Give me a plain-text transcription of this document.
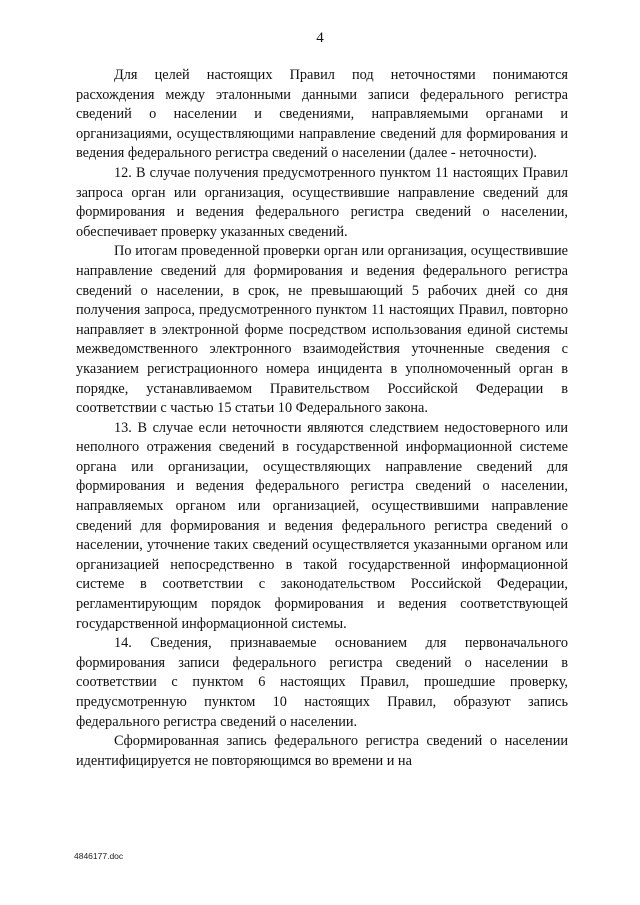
4

Для целей настоящих Правил под неточностями понимаются расхождения между эталонными данными записи федерального регистра сведений о населении и сведениями, направляемыми органами и организациями, осуществляющими направление сведений для формирования и ведения федерального регистра сведений о населении (далее - неточности).

12. В случае получения предусмотренного пунктом 11 настоящих Правил запроса орган или организация, осуществившие направление сведений для формирования и ведения федерального регистра сведений о населении, обеспечивает проверку указанных сведений.

По итогам проведенной проверки орган или организация, осуществившие направление сведений для формирования и ведения федерального регистра сведений о населении, в срок, не превышающий 5 рабочих дней со дня получения запроса, предусмотренного пунктом 11 настоящих Правил, повторно направляет в электронной форме посредством использования единой системы межведомственного электронного взаимодействия уточненные сведения с указанием регистрационного номера инцидента в уполномоченный орган в порядке, устанавливаемом Правительством Российской Федерации в соответствии с частью 15 статьи 10 Федерального закона.

13. В случае если неточности являются следствием недостоверного или неполного отражения сведений в государственной информационной системе органа или организации, осуществляющих направление сведений для формирования и ведения федерального регистра сведений о населении, направляемых органом или организацией, осуществившими направление сведений для формирования и ведения федерального регистра сведений о населении, уточнение таких сведений осуществляется указанными органом или организацией непосредственно в такой государственной информационной системе в соответствии с законодательством Российской Федерации, регламентирующим порядок формирования и ведения соответствующей государственной информационной системы.

14. Сведения, признаваемые основанием для первоначального формирования записи федерального регистра сведений о населении в соответствии с пунктом 6 настоящих Правил, прошедшие проверку, предусмотренную пунктом 10 настоящих Правил, образуют запись федерального регистра сведений о населении.

Сформированная запись федерального регистра сведений о населении идентифицируется не повторяющимся во времени и на

4846177.doc
